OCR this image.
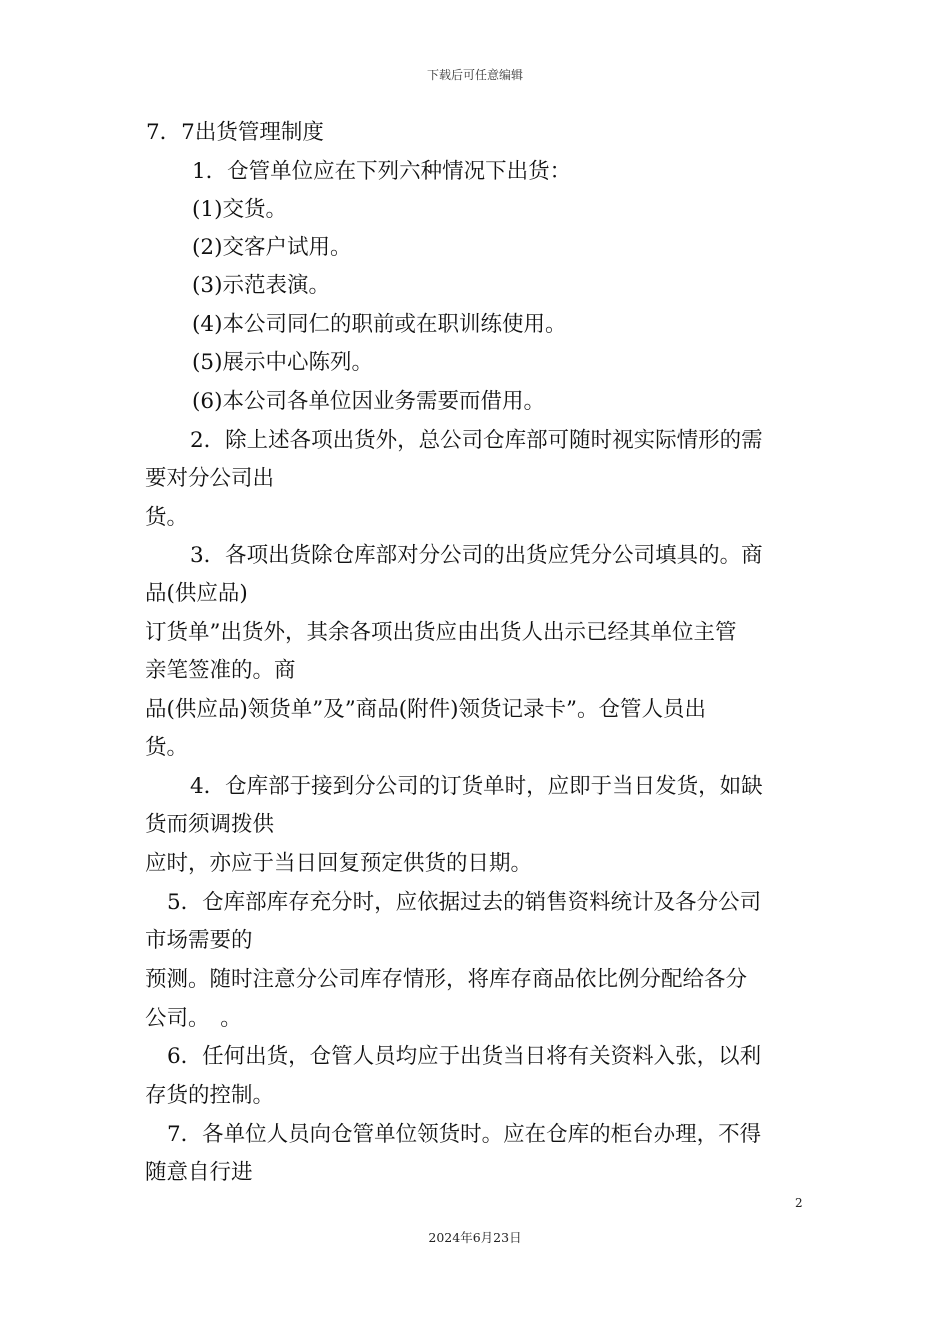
下载后可任意编辑
7．7出货管理制度
1．仓管单位应在下列六种情况下出货：
(1)交货。
(2)交客户试用。
(3)示范表演。
(4)本公司同仁的职前或在职训练使用。
(5)展示中心陈列。
(6)本公司各单位因业务需要而借用。
2．除上述各项出货外，总公司仓库部可随时视实际情形的需
要对分公司出
货。
3．各项出货除仓库部对分公司的出货应凭分公司填具的。商
品(供应品)
订货单”出货外，其余各项出货应由出货人出示已经其单位主管
亲笔签准的。商
品(供应品)领货单”及”商品(附件)领货记录卡”。仓管人员出
货。
4．仓库部于接到分公司的订货单时，应即于当日发货，如缺
货而须调拨供
应时，亦应于当日回复预定供货的日期。
5．仓库部库存充分时，应依据过去的销售资料统计及各分公司
市场需要的
预测。随时注意分公司库存情形，将库存商品依比例分配给各分
公司。　。
6．任何出货，仓管人员均应于出货当日将有关资料入张，以利
存货的控制。
7．各单位人员向仓管单位领货时。应在仓库的柜台办理，不得
随意自行进
2
2024年6月23日
